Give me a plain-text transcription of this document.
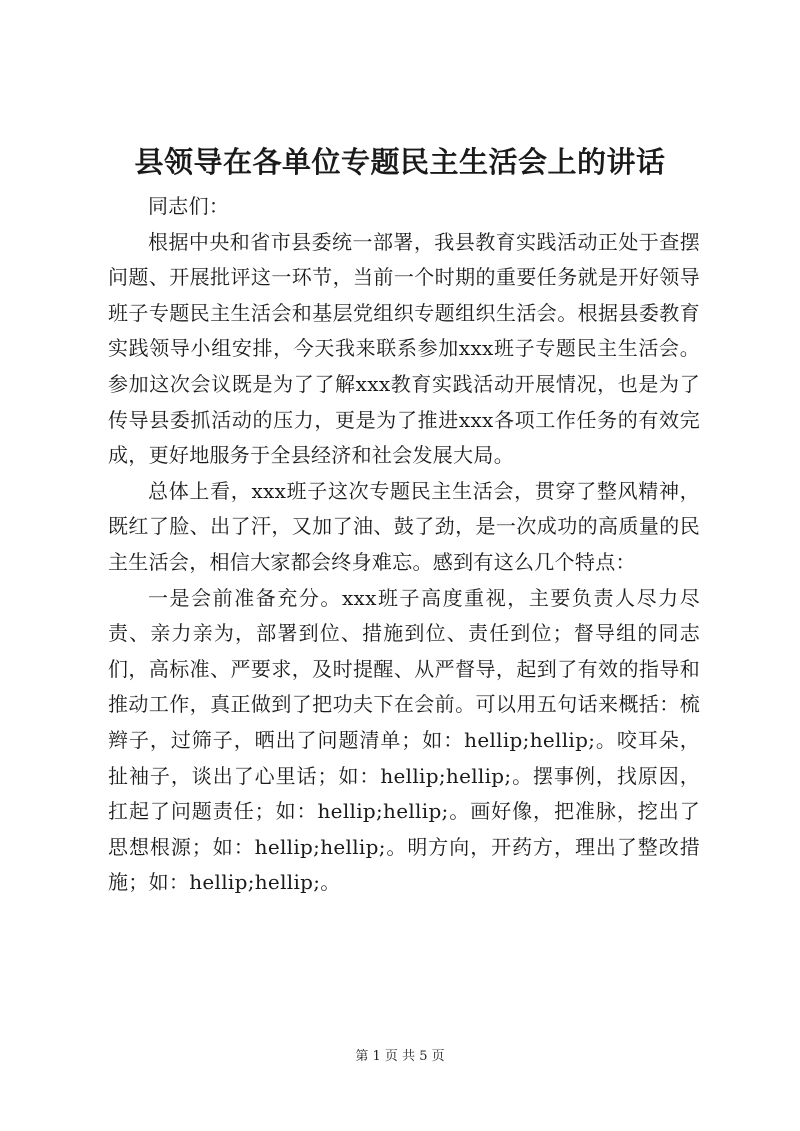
县领导在各单位专题民主生活会上的讲话

同志们：

根据中央和省市县委统一部署，我县教育实践活动正处于查摆问题、开展批评这一环节，当前一个时期的重要任务就是开好领导班子专题民主生活会和基层党组织专题组织生活会。根据县委教育实践领导小组安排，今天我来联系参加xxx班子专题民主生活会。参加这次会议既是为了了解xxx教育实践活动开展情况，也是为了传导县委抓活动的压力，更是为了推进xxx各项工作任务的有效完成，更好地服务于全县经济和社会发展大局。

总体上看，xxx班子这次专题民主生活会，贯穿了整风精神，既红了脸、出了汗，又加了油、鼓了劲，是一次成功的高质量的民主生活会，相信大家都会终身难忘。感到有这么几个特点：

一是会前准备充分。xxx班子高度重视，主要负责人尽力尽责、亲力亲为，部署到位、措施到位、责任到位；督导组的同志们，高标准、严要求，及时提醒、从严督导，起到了有效的指导和推动工作，真正做到了把功夫下在会前。可以用五句话来概括：梳辫子，过筛子，晒出了问题清单；如：hellip;hellip;。咬耳朵，扯袖子，谈出了心里话；如：hellip;hellip;。摆事例，找原因，扛起了问题责任；如：hellip;hellip;。画好像，把准脉，挖出了思想根源；如：hellip;hellip;。明方向，开药方，理出了整改措施；如：hellip;hellip;。

第 1 页 共 5 页
